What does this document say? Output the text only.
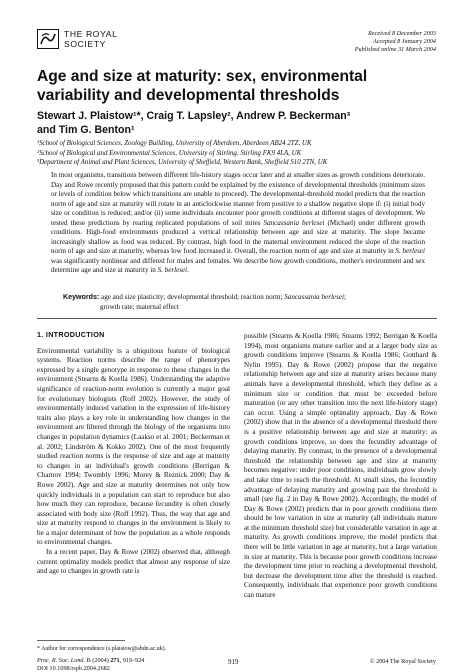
THE ROYAL
SOCIETY
Received 8 December 2003
Accepted 8 January 2004
Published online 31 March 2004
Age and size at maturity: sex, environmental variability and developmental thresholds
Stewart J. Plaistow¹*, Craig T. Lapsley², Andrew P. Beckerman³
and Tim G. Benton¹
¹School of Biological Sciences, Zoology Building, University of Aberdeen, Aberdeen AB24 2TZ, UK
²School of Biological and Environmental Sciences, University of Stirling, Stirling FK9 4LA, UK
³Department of Animal and Plant Sciences, University of Sheffield, Western Bank, Sheffield S10 2TN, UK
In most organisms, transitions between different life-history stages occur later and at smaller sizes as growth conditions deteriorate. Day and Rowe recently proposed that this pattern could be explained by the existence of developmental thresholds (minimum sizes or levels of condition below which transitions are unable to proceed). The developmental-threshold model predicts that the reaction norm of age and size at maturity will rotate in an anticlockwise manner from positive to a shallow negative slope if: (i) initial body size or condition is reduced; and/or (ii) some individuals encounter poor growth conditions at different stages of development. We tested these predictions by rearing replicated populations of soil mites Sancassania berlesei (Michael) under different growth conditions. High-food environments produced a vertical relationship between age and size at maturity. The slope became increasingly shallow as food was reduced. By contrast, high food in the maternal environment reduced the slope of the reaction norm of age and size at maturity, whereas low food increased it. Overall, the reaction norm of age and size at maturity in S. berlesei was significantly nonlinear and differed for males and females. We describe how growth conditions, mother's environment and sex determine age and size at maturity in S. berlesei.
Keywords: age and size plasticity; developmental threshold; reaction norm; Sancassania berlesei;
growth rate; maternal effect

1. INTRODUCTION

Environmental variability is a ubiquitous feature of biological systems. Reaction norms describe the range of phenotypes expressed by a single genotype in response to these changes in the environment (Stearns & Koella 1986). Understanding the adaptive significance of reaction-norm evolution is currently a major goal for evolutionary biologists (Roff 2002). However, the study of environmentally induced variation in the expression of life-history traits also plays a key role in understanding how changes in the environment are filtered through the biology of the organisms into changes in population dynamics (Laakso et al. 2001; Beckerman et al. 2002; Lindström & Kokko 2002). One of the most frequently studied reaction norms is the response of size and age at maturity to changes in an individual's growth conditions (Berrigan & Charnov 1994; Twombly 1996; Morey & Reznick 2000; Day & Rowe 2002). Age and size at maturity determines not only how quickly individuals in a population can start to reproduce but also how much they can reproduce, because fecundity is often closely associated with body size (Roff 1992). Thus, the way that age and size at maturity respond to changes in the environment is likely to be a major determinant of how the population as a whole responds to environmental changes.

In a recent paper, Day & Rowe (2002) observed that, although current optimality models predict that almost any response of size and age to changes in growth rate is

possible (Stearns & Koella 1986; Stearns 1992; Berrigan & Koella 1994), most organisms mature earlier and at a larger body size as growth conditions improve (Stearns & Koella 1986; Gotthard & Nylin 1995). Day & Rowe (2002) propose that the negative relationship between age and size at maturity arises because many animals have a developmental threshold, which they define as a minimum size or condition that must be exceeded before maturation (or any other transition into the next life-history stage) can occur. Using a simple optimality approach, Day & Rowe (2002) show that in the absence of a developmental threshold there is a positive relationship between age and size at maturity: as growth conditions improve, so does the fecundity advantage of delaying maturity. By contrast, in the presence of a developmental threshold the relationship between age and size at maturity becomes negative: under poor conditions, individuals grow slowly and take time to reach the threshold. At small sizes, the fecundity advantage of delaying maturity and growing past the threshold is small (see fig. 2 in Day & Rowe 2002). Accordingly, the model of Day & Rowe (2002) predicts that in poor growth conditions there should be low variation in size at maturity (all individuals mature at the minimum threshold size) but considerable variation in age at maturity. As growth conditions improve, the model predicts that there will be little variation in age at maturity, but a large variation in size at maturity. This is because poor growth conditions increase the development time prior to reaching a developmental threshold, but decrease the development time after the threshold is reached. Consequently, individuals that experience poor growth conditions can mature

* Author for correspondence (s.plaistow@abdn.ac.uk).
Proc. R. Soc. Lond. B (2004) 271, 919–924
DOI 10.1098/rspb.2004.2682
919	© 2004 The Royal Society
